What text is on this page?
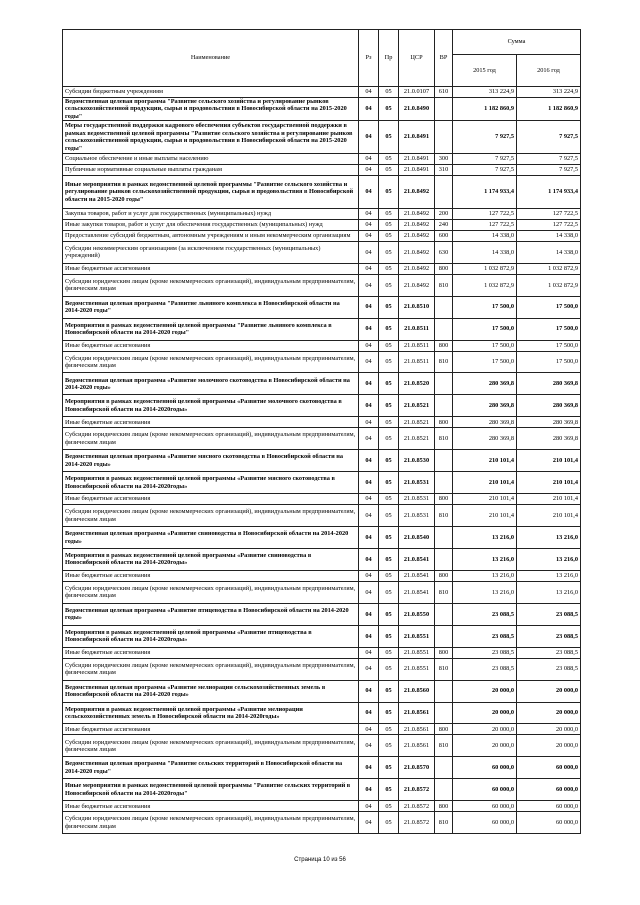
Наименование	Рз	Пр	ЦСР	ВР	Сумма	
					2015 год	2016 год
Субсидии бюджетным учреждениям	04	05	21.0.0107	610	313 224,9	313 224,9
Ведомственная целевая программа "Развитие сельского хозяйства и регулирование рынков сельскохозяйственной продукции, сырья и продовольствия в Новосибирской области на 2015-2020 годы"	04	05	21.0.8490		1 182 860,9	1 182 860,9
Меры государственной поддержки кадрового обеспечения субъектов государственной поддержки в рамках ведомственной целевой программы "Развитие сельского хозяйства и регулирование рынков сельскохозяйственной продукции, сырья и продовольствия в Новосибирской области на 2015-2020 годы"	04	05	21.0.8491		7 927,5	7 927,5
Социальное обеспечение и иные выплаты населению	04	05	21.0.8491	300	7 927,5	7 927,5
Публичные нормативные социальные выплаты гражданам	04	05	21.0.8491	310	7 927,5	7 927,5
Иные мероприятия в рамках ведомственной целевой программы "Развитие сельского хозяйства и регулирование рынков сельскохозяйственной продукции, сырья и продовольствия в Новосибирской области на 2015-2020 годы"	04	05	21.0.8492		1 174 933,4	1 174 933,4
Закупка товаров, работ и услуг для государственных (муниципальных) нужд	04	05	21.0.8492	200	127 722,5	127 722,5
Иные закупки товаров, работ и услуг для обеспечения государственных (муниципальных) нужд	04	05	21.0.8492	240	127 722,5	127 722,5
Предоставление субсидий бюджетным, автономным учреждениям и иным некоммерческим организациям	04	05	21.0.8492	600	14 338,0	14 338,0
Субсидии некоммерческим организациям (за исключением государственных (муниципальных) учреждений)	04	05	21.0.8492	630	14 338,0	14 338,0
Иные бюджетные ассигнования	04	05	21.0.8492	800	1 032 872,9	1 032 872,9
Субсидии юридическим лицам (кроме некоммерческих организаций), индивидуальным предпринимателям, физическим лицам	04	05	21.0.8492	810	1 032 872,9	1 032 872,9
Ведомственная целевая программа "Развитие льняного комплекса в Новосибирской области на 2014-2020 годы"	04	05	21.0.8510		17 500,0	17 500,0
Мероприятия в рамках ведомственной целевой программы "Развитие льняного комплекса в Новосибирской области на 2014-2020 годы"	04	05	21.0.8511		17 500,0	17 500,0
Иные бюджетные ассигнования	04	05	21.0.8511	800	17 500,0	17 500,0
Субсидии юридическим лицам (кроме некоммерческих организаций), индивидуальным предпринимателям, физическим лицам	04	05	21.0.8511	810	17 500,0	17 500,0
Ведомственная целевая программа «Развитие молочного скотоводства в Новосибирской области на 2014-2020 годы»	04	05	21.0.8520		280 369,8	280 369,8
Мероприятия в рамках ведомственной целевой программы «Развитие молочного скотоводства в Новосибирской области на 2014-2020годы»	04	05	21.0.8521		280 369,8	280 369,8
Иные бюджетные ассигнования	04	05	21.0.8521	800	280 369,8	280 369,8
Субсидии юридическим лицам (кроме некоммерческих организаций), индивидуальным предпринимателям, физическим лицам	04	05	21.0.8521	810	280 369,8	280 369,8
Ведомственная целевая программа «Развитие мясного скотоводства в Новосибирской области на 2014-2020 годы»	04	05	21.0.8530		210 101,4	210 101,4
Мероприятия в рамках ведомственной целевой программы «Развитие мясного скотоводства в Новосибирской области на 2014-2020годы»	04	05	21.0.8531		210 101,4	210 101,4
Иные бюджетные ассигнования	04	05	21.0.8531	800	210 101,4	210 101,4
Субсидии юридическим лицам (кроме некоммерческих организаций), индивидуальным предпринимателям, физическим лицам	04	05	21.0.8531	810	210 101,4	210 101,4
Ведомственная целевая программа «Развитие свиноводства в Новосибирской области на 2014-2020 годы»	04	05	21.0.8540		13 216,0	13 216,0
Мероприятия в рамках ведомственной целевой программы «Развитие свиноводства в Новосибирской области на 2014-2020годы»	04	05	21.0.8541		13 216,0	13 216,0
Иные бюджетные ассигнования	04	05	21.0.8541	800	13 216,0	13 216,0
Субсидии юридическим лицам (кроме некоммерческих организаций), индивидуальным предпринимателям, физическим лицам	04	05	21.0.8541	810	13 216,0	13 216,0
Ведомственная целевая программа «Развитие птицеводства в Новосибирской области на 2014-2020 годы»	04	05	21.0.8550		23 088,5	23 088,5
Мероприятия в рамках ведомственной целевой программы «Развитие птицеводства в Новосибирской области на 2014-2020годы»	04	05	21.0.8551		23 088,5	23 088,5
Иные бюджетные ассигнования	04	05	21.0.8551	800	23 088,5	23 088,5
Субсидии юридическим лицам (кроме некоммерческих организаций), индивидуальным предпринимателям, физическим лицам	04	05	21.0.8551	810	23 088,5	23 088,5
Ведомственная целевая программа «Развитие мелиорации сельскохозяйственных земель в Новосибирской области на 2014-2020 годы»	04	05	21.0.8560		20 000,0	20 000,0
Мероприятия в рамках ведомственной целевой программы «Развитие мелиорации сельскохозяйственных земель в Новосибирской области на 2014-2020годы»	04	05	21.0.8561		20 000,0	20 000,0
Иные бюджетные ассигнования	04	05	21.0.8561	800	20 000,0	20 000,0
Субсидии юридическим лицам (кроме некоммерческих организаций), индивидуальным предпринимателям, физическим лицам	04	05	21.0.8561	810	20 000,0	20 000,0
Ведомственная целевая программа "Развитие сельских территорий в Новосибирской области на 2014-2020 годы"	04	05	21.0.8570		60 000,0	60 000,0
Иные мероприятия в рамках ведомственной целевой программы "Развитие сельских территорий в Новосибирской области на 2014-2020годы"	04	05	21.0.8572		60 000,0	60 000,0
Иные бюджетные ассигнования	04	05	21.0.8572	800	60 000,0	60 000,0
Субсидии юридическим лицам (кроме некоммерческих организаций), индивидуальным предпринимателям, физическим лицам	04	05	21.0.8572	810	60 000,0	60 000,0
Страница 10 из 56
